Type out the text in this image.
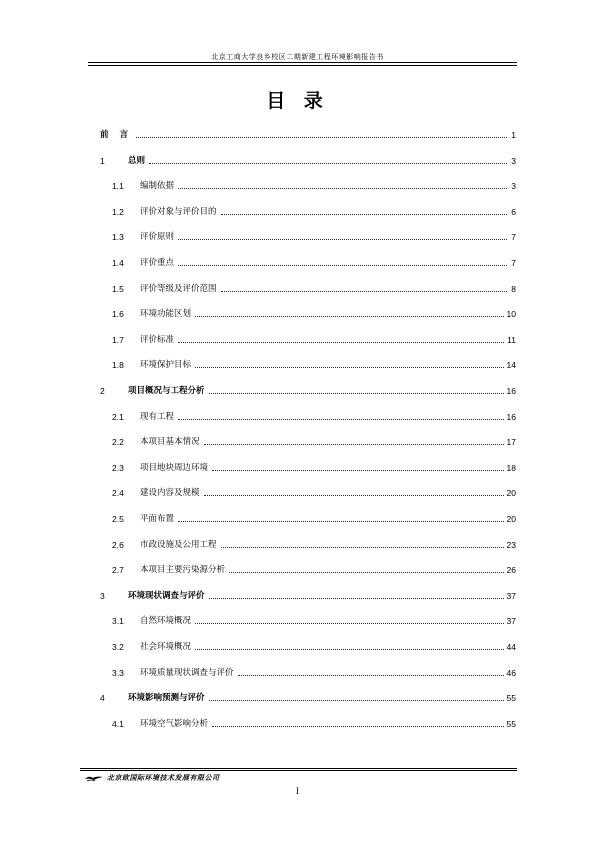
北京工商大学良乡校区二期新建工程环境影响报告书
目 录
前 言	1
1	总则	3
1.1	编制依据	3
1.2	评价对象与评价目的	6
1.3	评价原则	7
1.4	评价重点	7
1.5	评价等级及评价范围	8
1.6	环境功能区划	10
1.7	评价标准	11
1.8	环境保护目标	14
2	项目概况与工程分析	16
2.1	现有工程	16
2.2	本项目基本情况	17
2.3	项目地块周边环境	18
2.4	建设内容及规模	20
2.5	平面布置	20
2.6	市政设施及公用工程	23
2.7	本项目主要污染源分析	26
3	环境现状调查与评价	37
3.1	自然环境概况	37
3.2	社会环境概况	44
3.3	环境质量现状调查与评价	46
4	环境影响预测与评价	55
4.1	环境空气影响分析	55
北京欧国际环境技术发展有限公司
I
